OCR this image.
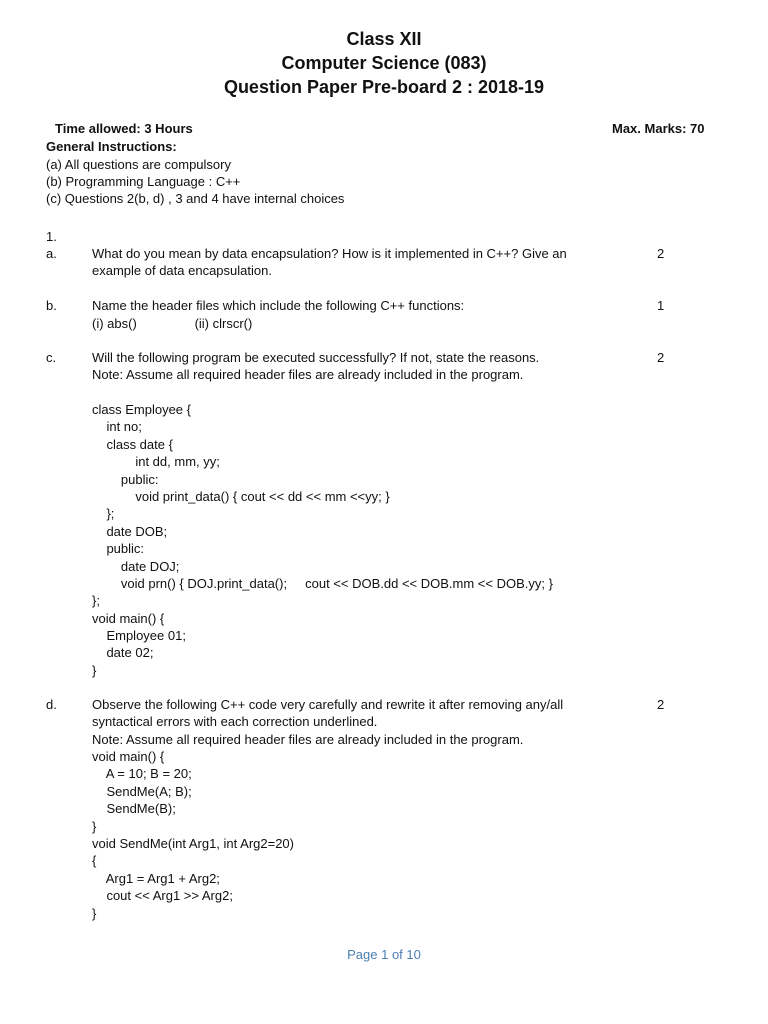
Class XII
Computer Science (083)
Question Paper Pre-board 2 : 2018-19
Time allowed: 3 Hours	Max. Marks: 70
General Instructions:
(a) All questions are compulsory
(b) Programming Language : C++
(c) Questions 2(b, d) , 3 and 4 have internal choices
1.
a.	What do you mean by data encapsulation? How is it implemented in C++? Give an
example of data encapsulation.
2
b.	Name the header files which include the following C++ functions:
(i) abs()                (ii) clrscr()
1
c.	Will the following program be executed successfully? If not, state the reasons.
Note: Assume all required header files are already included in the program.
2
class Employee {
int no;
class date {
int dd, mm, yy;
public:
void print_data() { cout << dd << mm <<yy; }
};
date DOB;
public:
date DOJ;
void prn() { DOJ.print_data();     cout << DOB.dd << DOB.mm << DOB.yy; }
};
void main() {
Employee 01;
date 02;
}
d.	Observe the following C++ code very carefully and rewrite it after removing any/all
syntactical errors with each correction underlined.
Note: Assume all required header files are already included in the program.
2
void main() {
A = 10; B = 20;
SendMe(A; B);
SendMe(B);
}
void SendMe(int Arg1, int Arg2=20)
{
Arg1 = Arg1 + Arg2;
cout << Arg1 >> Arg2;
}
Page 1 of 10
